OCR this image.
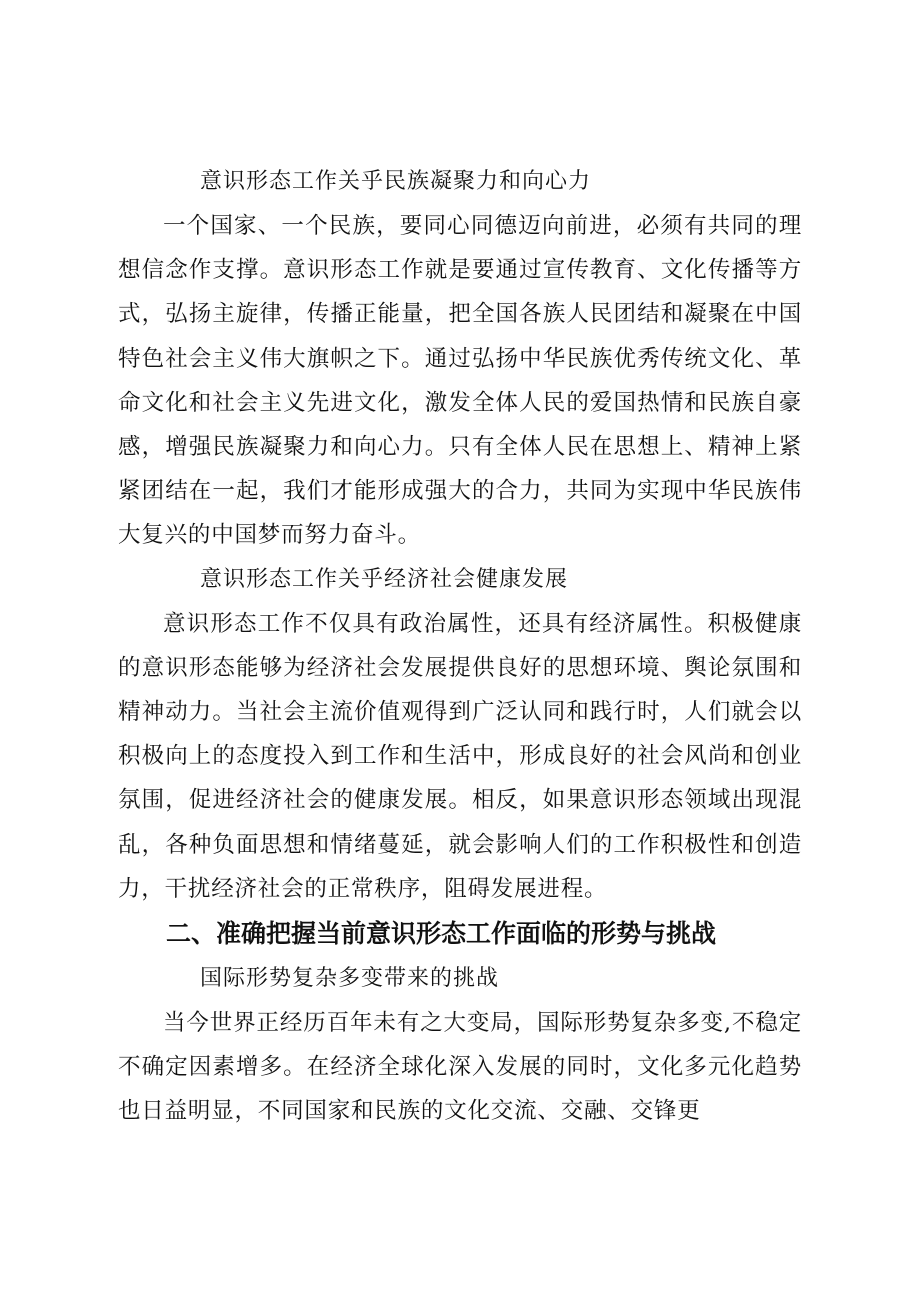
意识形态工作关乎民族凝聚力和向心力

一个国家、一个民族，要同心同德迈向前进，必须有共同的理想信念作支撑。意识形态工作就是要通过宣传教育、文化传播等方式，弘扬主旋律，传播正能量，把全国各族人民团结和凝聚在中国特色社会主义伟大旗帜之下。通过弘扬中华民族优秀传统文化、革命文化和社会主义先进文化，激发全体人民的爱国热情和民族自豪感，增强民族凝聚力和向心力。只有全体人民在思想上、精神上紧紧团结在一起，我们才能形成强大的合力，共同为实现中华民族伟大复兴的中国梦而努力奋斗。

意识形态工作关乎经济社会健康发展

意识形态工作不仅具有政治属性，还具有经济属性。积极健康的意识形态能够为经济社会发展提供良好的思想环境、舆论氛围和精神动力。当社会主流价值观得到广泛认同和践行时，人们就会以积极向上的态度投入到工作和生活中，形成良好的社会风尚和创业氛围，促进经济社会的健康发展。相反，如果意识形态领域出现混乱，各种负面思想和情绪蔓延，就会影响人们的工作积极性和创造力，干扰经济社会的正常秩序，阻碍发展进程。

二、准确把握当前意识形态工作面临的形势与挑战

国际形势复杂多变带来的挑战

当今世界正经历百年未有之大变局，国际形势复杂多变,不稳定不确定因素增多。在经济全球化深入发展的同时，文化多元化趋势也日益明显，不同国家和民族的文化交流、交融、交锋更
